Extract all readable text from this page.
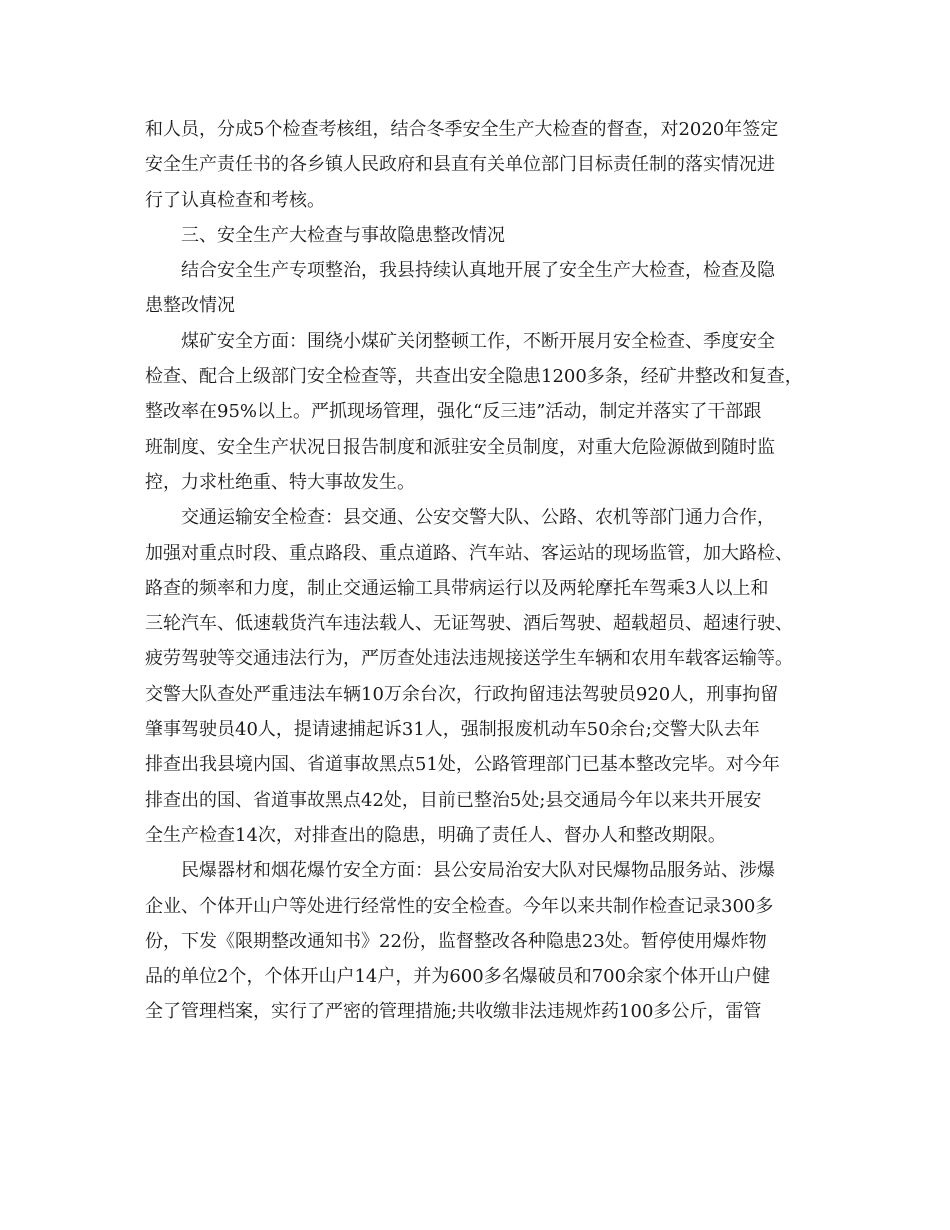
和人员，分成5个检查考核组，结合冬季安全生产大检查的督查，对2020年签定
安全生产责任书的各乡镇人民政府和县直有关单位部门目标责任制的落实情况进
行了认真检查和考核。
三、安全生产大检查与事故隐患整改情况
结合安全生产专项整治，我县持续认真地开展了安全生产大检查，检查及隐
患整改情况
煤矿安全方面：围绕小煤矿关闭整顿工作，不断开展月安全检查、季度安全
检查、配合上级部门安全检查等，共查出安全隐患1200多条，经矿井整改和复查，
整改率在95%以上。严抓现场管理，强化“反三违”活动，制定并落实了干部跟
班制度、安全生产状况日报告制度和派驻安全员制度，对重大危险源做到随时监
控，力求杜绝重、特大事故发生。
交通运输安全检查：县交通、公安交警大队、公路、农机等部门通力合作，
加强对重点时段、重点路段、重点道路、汽车站、客运站的现场监管，加大路检、
路查的频率和力度，制止交通运输工具带病运行以及两轮摩托车驾乘3人以上和
三轮汽车、低速载货汽车违法载人、无证驾驶、酒后驾驶、超载超员、超速行驶、
疲劳驾驶等交通违法行为，严厉查处违法违规接送学生车辆和农用车载客运输等。
交警大队查处严重违法车辆10万余台次，行政拘留违法驾驶员920人，刑事拘留
肇事驾驶员40人，提请逮捕起诉31人，强制报废机动车50余台;交警大队去年
排查出我县境内国、省道事故黑点51处，公路管理部门已基本整改完毕。对今年
排查出的国、省道事故黑点42处，目前已整治5处;县交通局今年以来共开展安
全生产检查14次，对排查出的隐患，明确了责任人、督办人和整改期限。
民爆器材和烟花爆竹安全方面：县公安局治安大队对民爆物品服务站、涉爆
企业、个体开山户等处进行经常性的安全检查。今年以来共制作检查记录300多
份，下发《限期整改通知书》22份，监督整改各种隐患23处。暂停使用爆炸物
品的单位2个，个体开山户14户，并为600多名爆破员和700余家个体开山户健
全了管理档案，实行了严密的管理措施;共收缴非法违规炸药100多公斤，雷管
